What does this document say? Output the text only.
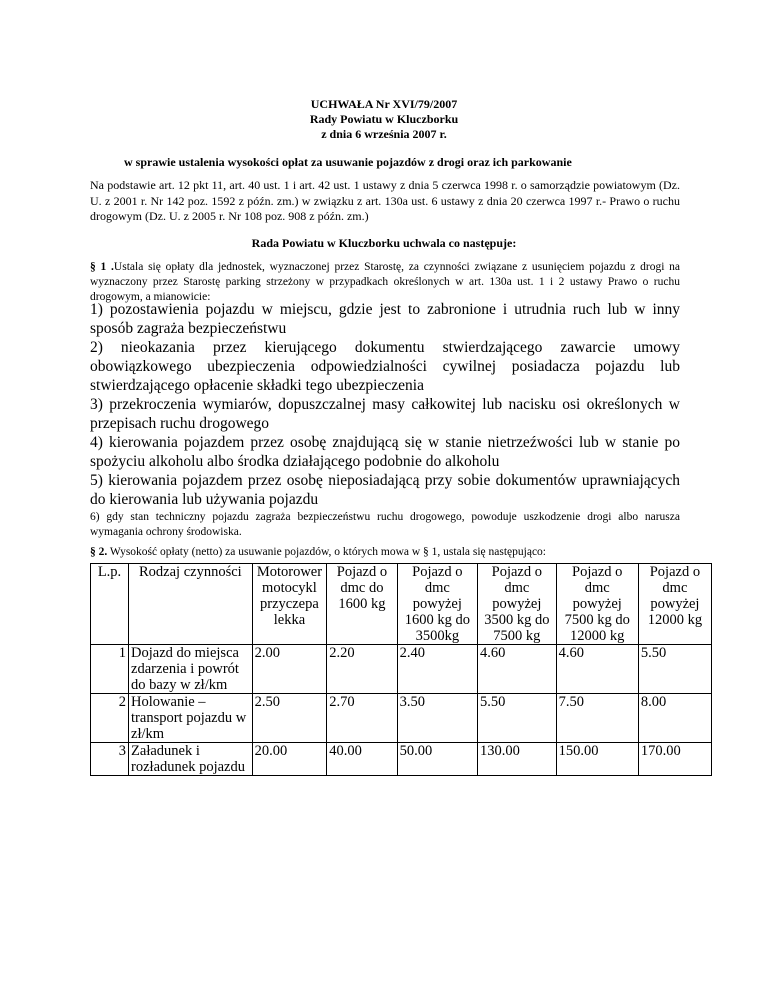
UCHWAŁA Nr XVI/79/2007
Rady Powiatu w Kluczborku
z dnia 6 września 2007 r.
w sprawie ustalenia wysokości opłat za usuwanie pojazdów z drogi oraz ich parkowanie
Na podstawie art. 12 pkt 11, art. 40 ust. 1 i art. 42 ust. 1 ustawy z dnia 5 czerwca 1998 r. o samorządzie powiatowym (Dz. U. z 2001 r. Nr 142 poz. 1592 z późn. zm.) w związku z art. 130a ust. 6 ustawy z dnia 20 czerwca 1997 r.- Prawo o ruchu drogowym (Dz. U. z 2005 r. Nr 108 poz. 908 z późn. zm.)
Rada Powiatu w Kluczborku uchwala co następuje:
§ 1 .Ustala się opłaty dla jednostek, wyznaczonej przez Starostę, za czynności związane z usunięciem pojazdu z drogi na wyznaczony przez Starostę parking strzeżony w przypadkach określonych w art. 130a ust. 1 i 2 ustawy Prawo o ruchu drogowym, a mianowicie:
1) pozostawienia pojazdu w miejscu, gdzie jest to zabronione i utrudnia ruch lub w inny sposób zagraża bezpieczeństwu
2) nieokazania przez kierującego dokumentu stwierdzającego zawarcie umowy obowiązkowego ubezpieczenia odpowiedzialności cywilnej posiadacza pojazdu lub stwierdzającego opłacenie składki tego ubezpieczenia
3) przekroczenia wymiarów, dopuszczalnej masy całkowitej lub nacisku osi określonych w przepisach ruchu drogowego
4) kierowania pojazdem przez osobę znajdującą się w stanie nietrzeźwości lub w stanie po spożyciu alkoholu albo środka działającego podobnie do alkoholu
5) kierowania pojazdem przez osobę nieposiadającą przy sobie dokumentów uprawniających do kierowania lub używania pojazdu
6) gdy stan techniczny pojazdu zagraża bezpieczeństwu ruchu drogowego, powoduje uszkodzenie drogi albo narusza wymagania ochrony środowiska.
§ 2. Wysokość opłaty (netto) za usuwanie pojazdów, o których mowa w § 1, ustala się następująco:
L.p.	Rodzaj czynności	Motorower motocykl przyczepa lekka	Pojazd o dmc do 1600 kg	Pojazd o dmc powyżej 1600 kg do 3500kg	Pojazd o dmc powyżej 3500 kg do 7500 kg	Pojazd o dmc powyżej 7500 kg do 12000 kg	Pojazd o dmc powyżej 12000 kg
1	Dojazd do miejsca zdarzenia i powrót do bazy w zł/km	2.00	2.20	2.40	4.60	4.60	5.50
2	Holowanie – transport pojazdu w zł/km	2.50	2.70	3.50	5.50	7.50	8.00
3	Załadunek i rozładunek pojazdu	20.00	40.00	50.00	130.00	150.00	170.00
